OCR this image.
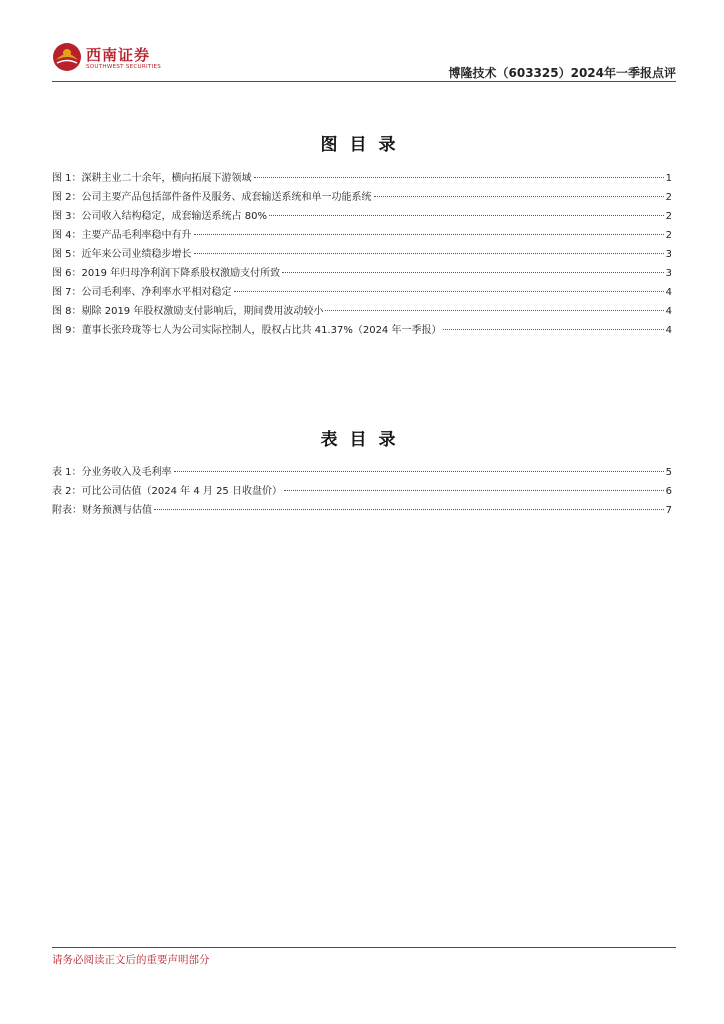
西南证券
SOUTHWEST SECURITIES	博隆技术（603325）2024年一季报点评
图目录
图 1：深耕主业二十余年，横向拓展下游领域	1
图 2：公司主要产品包括部件备件及服务、成套输送系统和单一功能系统	2
图 3：公司收入结构稳定，成套输送系统占 80%	2
图 4：主要产品毛利率稳中有升	2
图 5：近年来公司业绩稳步增长	3
图 6：2019 年归母净利润下降系股权激励支付所致	3
图 7：公司毛利率、净利率水平相对稳定	4
图 8：剔除 2019 年股权激励支付影响后，期间费用波动较小	4
图 9：董事长张玲珑等七人为公司实际控制人，股权占比共 41.37%（2024 年一季报）	4
表目录
表 1：分业务收入及毛利率	5
表 2：可比公司估值（2024 年 4 月 25 日收盘价）	6
附表：财务预测与估值	7
请务必阅读正文后的重要声明部分
